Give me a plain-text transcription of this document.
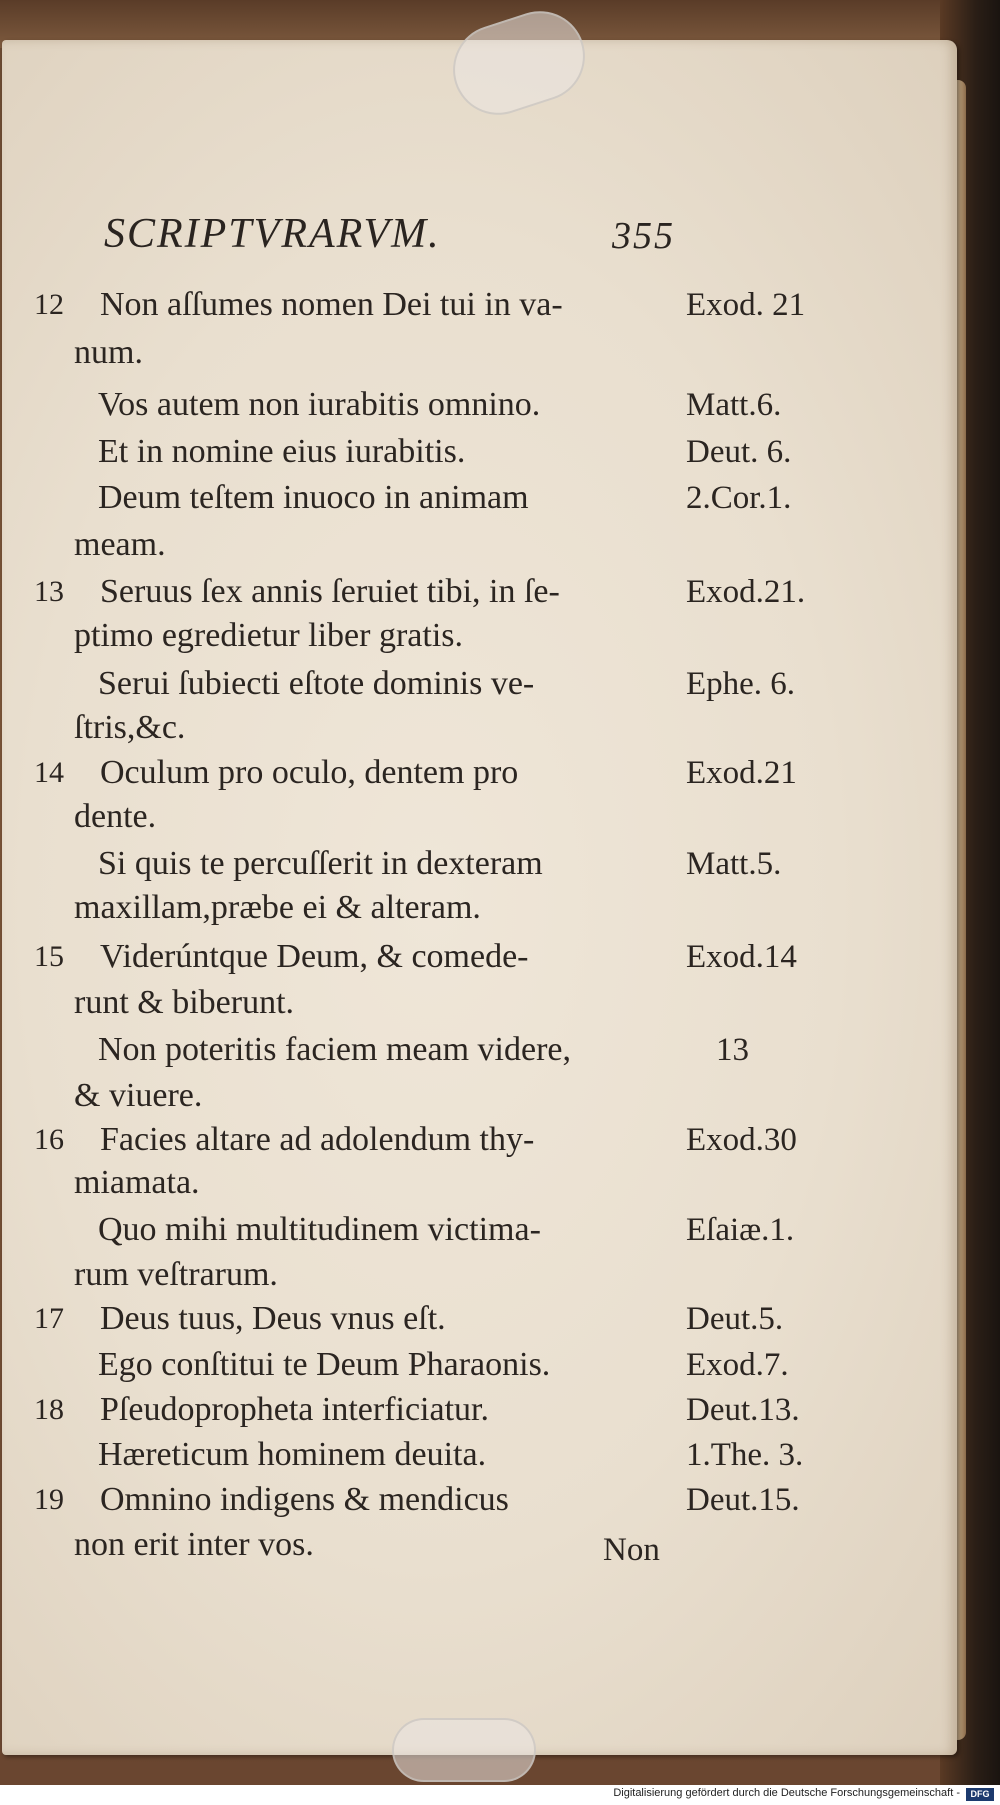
SCRIPTVRARVM.	355
12	Non aſſumes nomen Dei tui in va-	Exod. 21
num.
Vos autem non iurabitis omnino.	Matt.6.
Et in nomine eius iurabitis.	Deut. 6.
Deum teſtem inuoco in animam	2.Cor.1.
meam.
13	Seruus ſex annis ſeruiet tibi, in ſe-	Exod.21.
ptimo egredietur liber gratis.
Serui ſubiecti eſtote dominis ve-	Ephe. 6.
ſtris,&c.
14	Oculum pro oculo, dentem pro	Exod.21
dente.
Si quis te percuſſerit in dexteram	Matt.5.
maxillam,præbe ei & alteram.
15	Viderúntque Deum, & comede-	Exod.14
runt & biberunt.
Non poteritis faciem meam videre,	13
& viuere.
16	Facies altare ad adolendum thy-	Exod.30
miamata.
Quo mihi multitudinem victima-	Eſaiæ.1.
rum veſtrarum.
17	Deus tuus, Deus vnus eſt.	Deut.5.
Ego conſtitui te Deum Pharaonis.	Exod.7.
18	Pſeudopropheta interficiatur.	Deut.13.
Hæreticum hominem deuita.	1.The. 3.
19	Omnino indigens & mendicus	Deut.15.
non erit inter vos.	Non
Digitalisierung gefördert durch die Deutsche Forschungsgemeinschaft -	DFG
